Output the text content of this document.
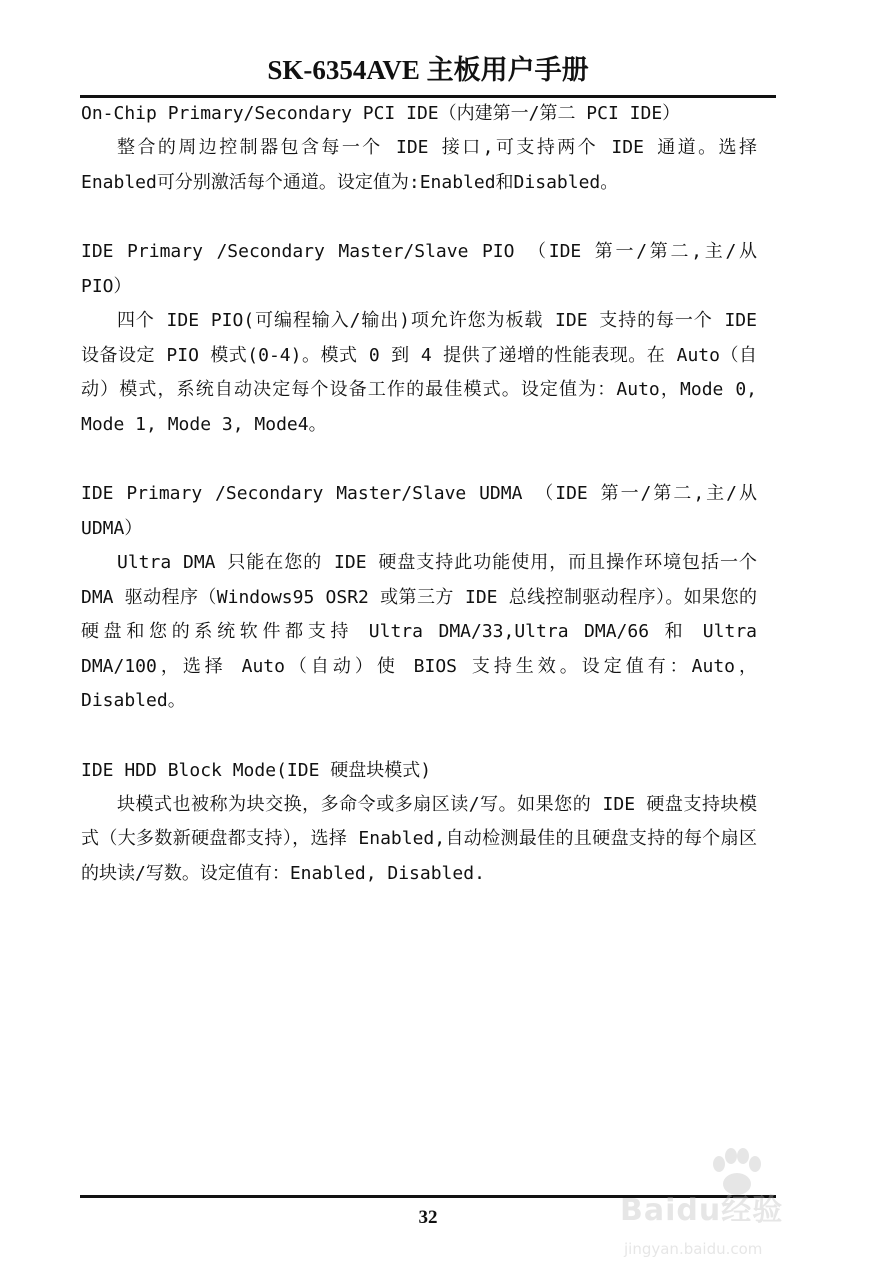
SK-6354AVE 主板用户手册

On-Chip Primary/Secondary PCI IDE（内建第一/第二 PCI IDE）

整合的周边控制器包含每一个 IDE 接口,可支持两个 IDE 通道。选择Enabled可分别激活每个通道。设定值为:Enabled和Disabled。

IDE Primary /Secondary Master/Slave PIO （IDE 第一/第二,主/从 PIO）

四个 IDE PIO(可编程输入/输出)项允许您为板载 IDE 支持的每一个 IDE 设备设定 PIO 模式(0-4)。模式 0 到 4 提供了递增的性能表现。在 Auto（自动）模式，系统自动决定每个设备工作的最佳模式。设定值为：Auto，Mode 0, Mode 1, Mode 3, Mode4。

IDE Primary /Secondary Master/Slave UDMA （IDE 第一/第二,主/从 UDMA）

Ultra DMA 只能在您的 IDE 硬盘支持此功能使用，而且操作环境包括一个 DMA 驱动程序（Windows95 OSR2 或第三方 IDE 总线控制驱动程序）。如果您的硬盘和您的系统软件都支持 Ultra DMA/33,Ultra DMA/66 和 Ultra DMA/100，选择 Auto（自动）使 BIOS 支持生效。设定值有：Auto，Disabled。

IDE HDD Block Mode(IDE 硬盘块模式)

块模式也被称为块交换，多命令或多扇区读/写。如果您的 IDE 硬盘支持块模式（大多数新硬盘都支持），选择 Enabled,自动检测最佳的且硬盘支持的每个扇区的块读/写数。设定值有：Enabled, Disabled.

32	Baidu经验
jingyan.baidu.com
